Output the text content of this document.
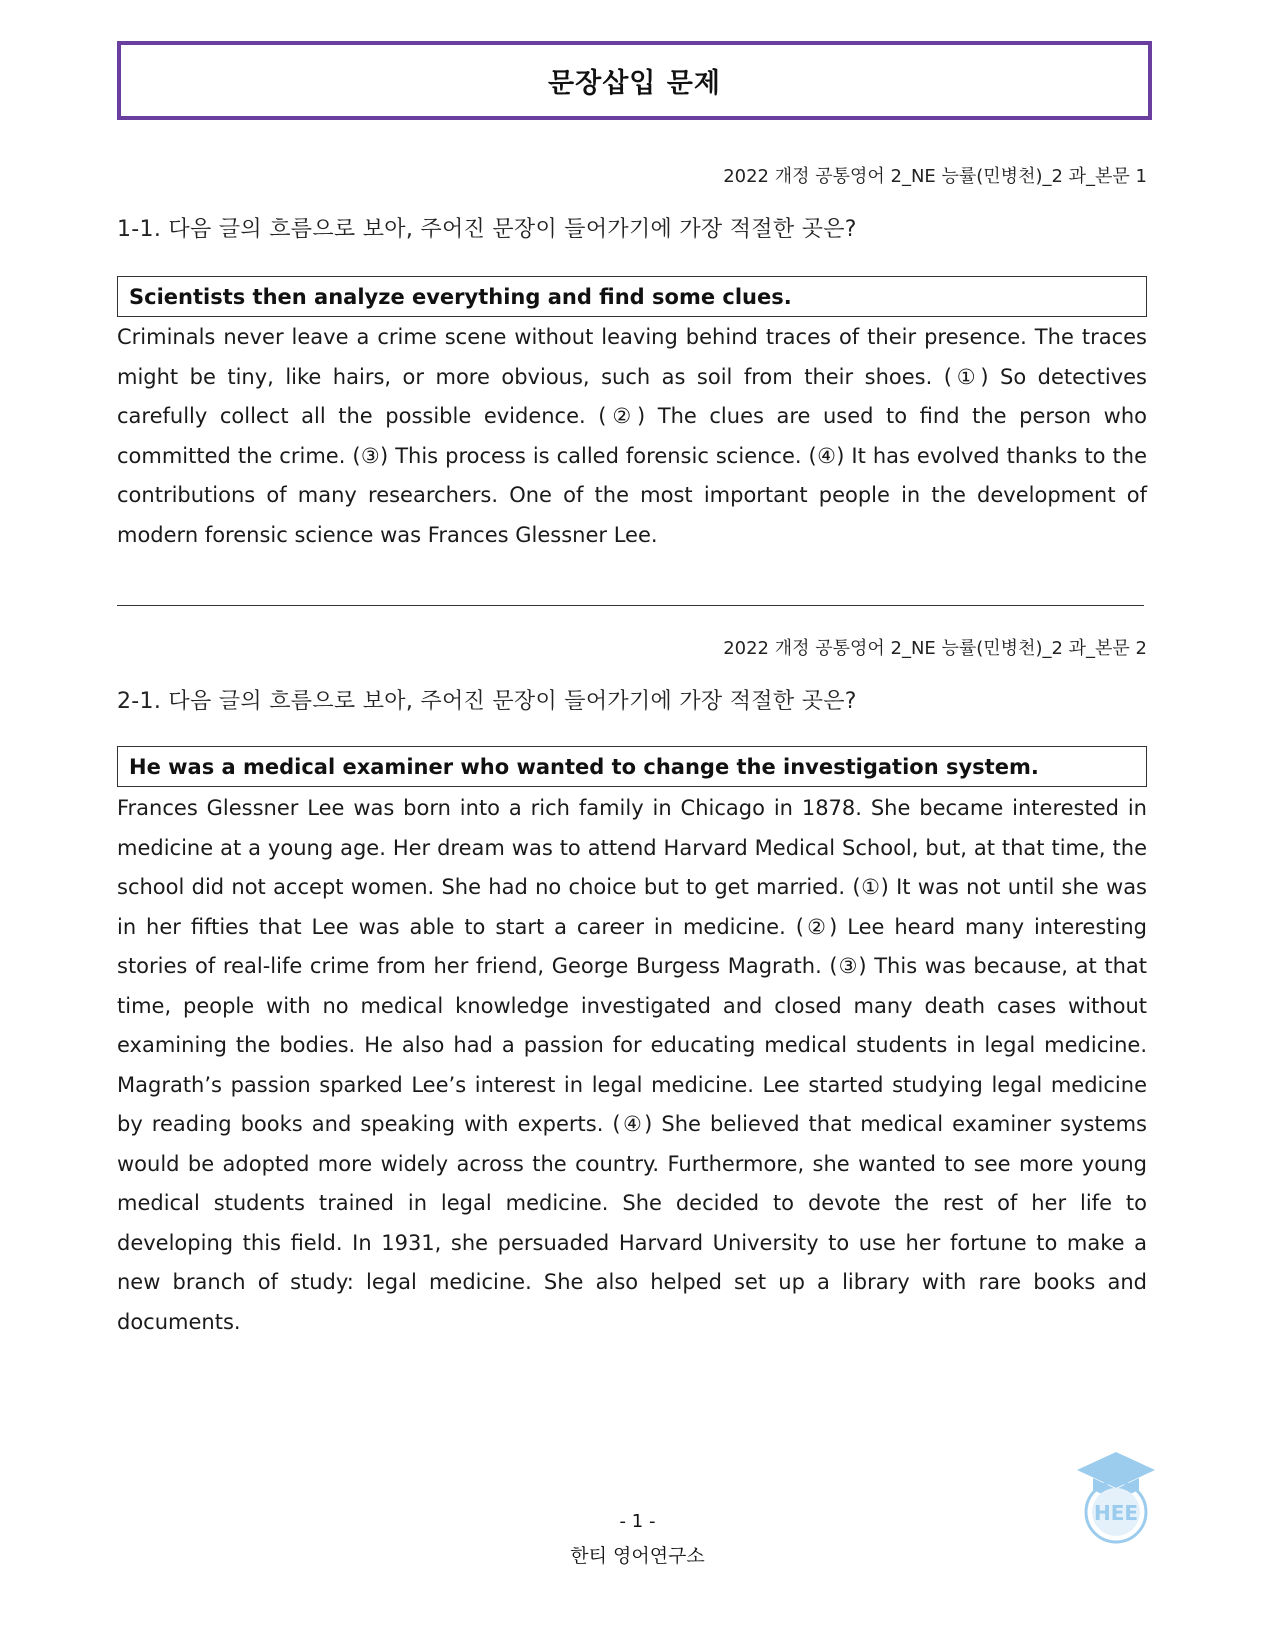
문장삽입 문제
2022 개정 공통영어 2_NE 능률(민병천)_2 과_본문 1
1-1. 다음 글의 흐름으로 보아, 주어진 문장이 들어가기에 가장 적절한 곳은?
Scientists then analyze everything and find some clues.
Criminals never leave a crime scene without leaving behind traces of their presence. The traces might be tiny, like hairs, or more obvious, such as soil from their shoes. (①) So detectives carefully collect all the possible evidence. (②) The clues are used to find the person who committed the crime. (③) This process is called forensic science. (④) It has evolved thanks to the contributions of many researchers. One of the most important people in the development of modern forensic science was Frances Glessner Lee.
2022 개정 공통영어 2_NE 능률(민병천)_2 과_본문 2
2-1. 다음 글의 흐름으로 보아, 주어진 문장이 들어가기에 가장 적절한 곳은?
He was a medical examiner who wanted to change the investigation system.
Frances Glessner Lee was born into a rich family in Chicago in 1878. She became interested in medicine at a young age. Her dream was to attend Harvard Medical School, but, at that time, the school did not accept women. She had no choice but to get married. (①) It was not until she was in her fifties that Lee was able to start a career in medicine. (②) Lee heard many interesting stories of real-life crime from her friend, George Burgess Magrath. (③) This was because, at that time, people with no medical knowledge investigated and closed many death cases without examining the bodies. He also had a passion for educating medical students in legal medicine. Magrath’s passion sparked Lee’s interest in legal medicine. Lee started studying legal medicine by reading books and speaking with experts. (④) She believed that medical examiner systems would be adopted more widely across the country. Furthermore, she wanted to see more young medical students trained in legal medicine. She decided to devote the rest of her life to developing this field. In 1931, she persuaded Harvard University to use her fortune to make a new branch of study: legal medicine. She also helped set up a library with rare books and documents.
- 1 -
한티 영어연구소
HEE
